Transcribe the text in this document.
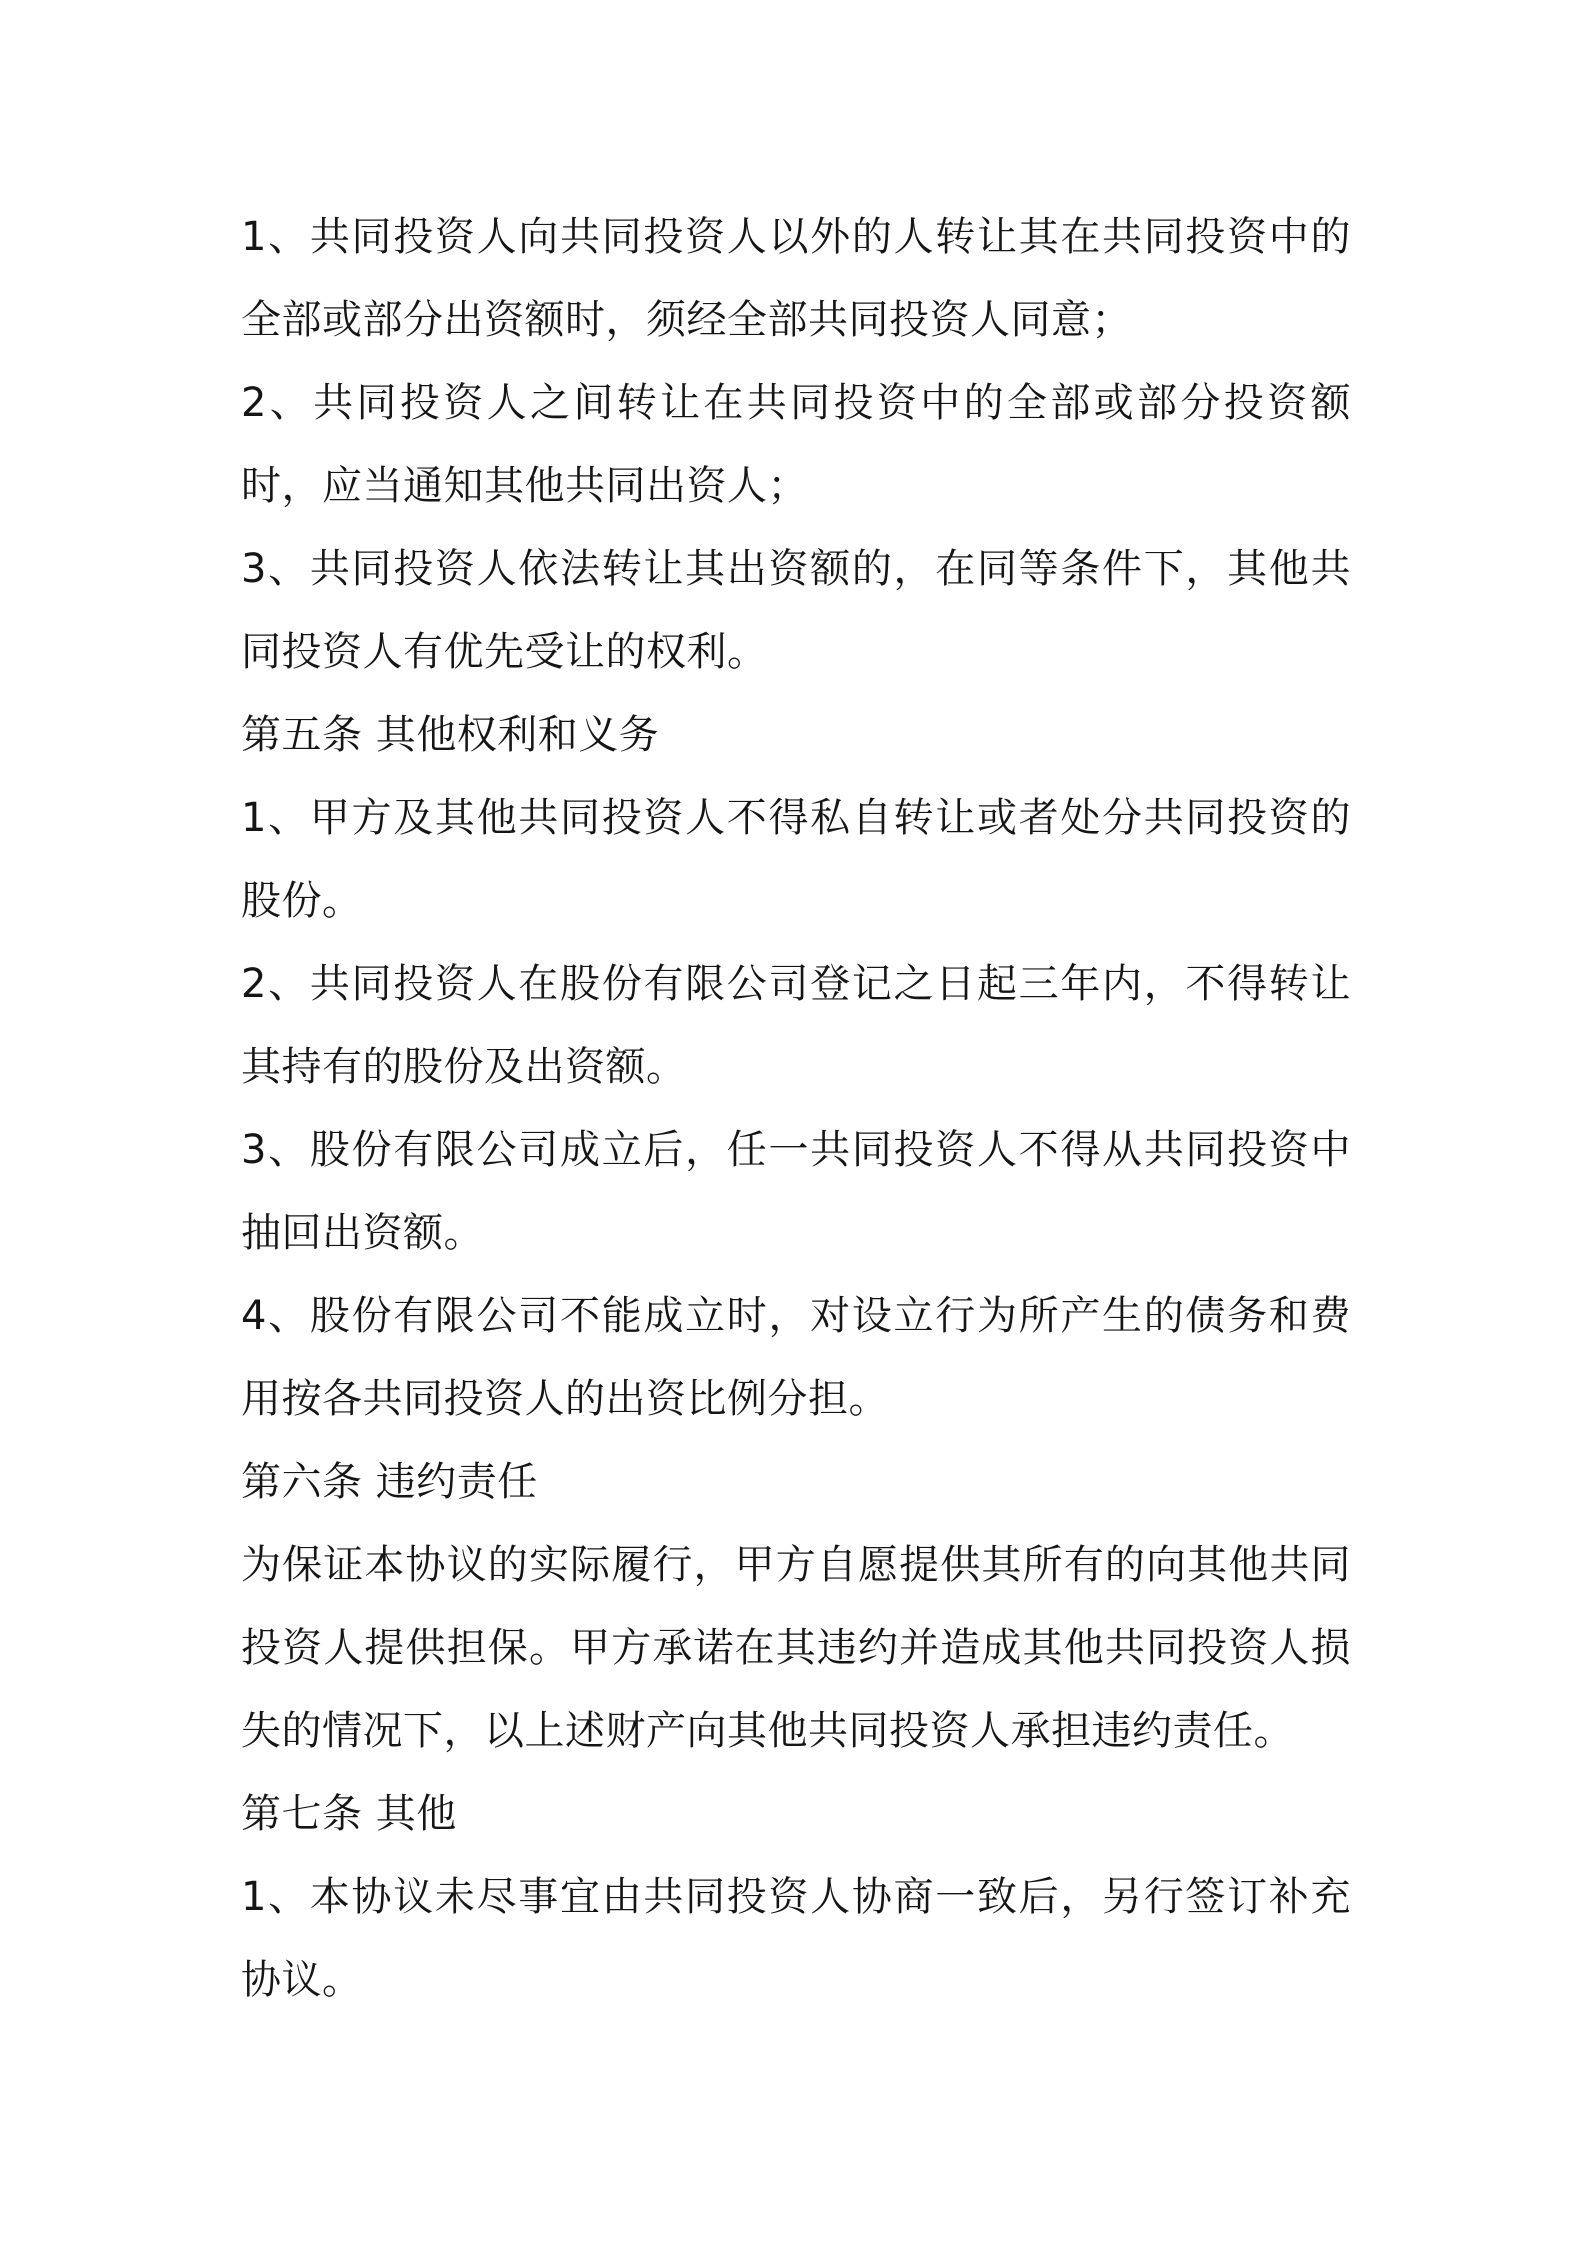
1、共同投资人向共同投资人以外的人转让其在共同投资中的全部或部分出资额时，须经全部共同投资人同意；

2、共同投资人之间转让在共同投资中的全部或部分投资额时，应当通知其他共同出资人；

3、共同投资人依法转让其出资额的，在同等条件下，其他共同投资人有优先受让的权利。

第五条 其他权利和义务

1、甲方及其他共同投资人不得私自转让或者处分共同投资的股份。

2、共同投资人在股份有限公司登记之日起三年内，不得转让其持有的股份及出资额。

3、股份有限公司成立后，任一共同投资人不得从共同投资中抽回出资额。

4、股份有限公司不能成立时，对设立行为所产生的债务和费用按各共同投资人的出资比例分担。

第六条 违约责任

为保证本协议的实际履行，甲方自愿提供其所有的向其他共同投资人提供担保。甲方承诺在其违约并造成其他共同投资人损失的情况下，以上述财产向其他共同投资人承担违约责任。

第七条 其他

1、本协议未尽事宜由共同投资人协商一致后，另行签订补充协议。
